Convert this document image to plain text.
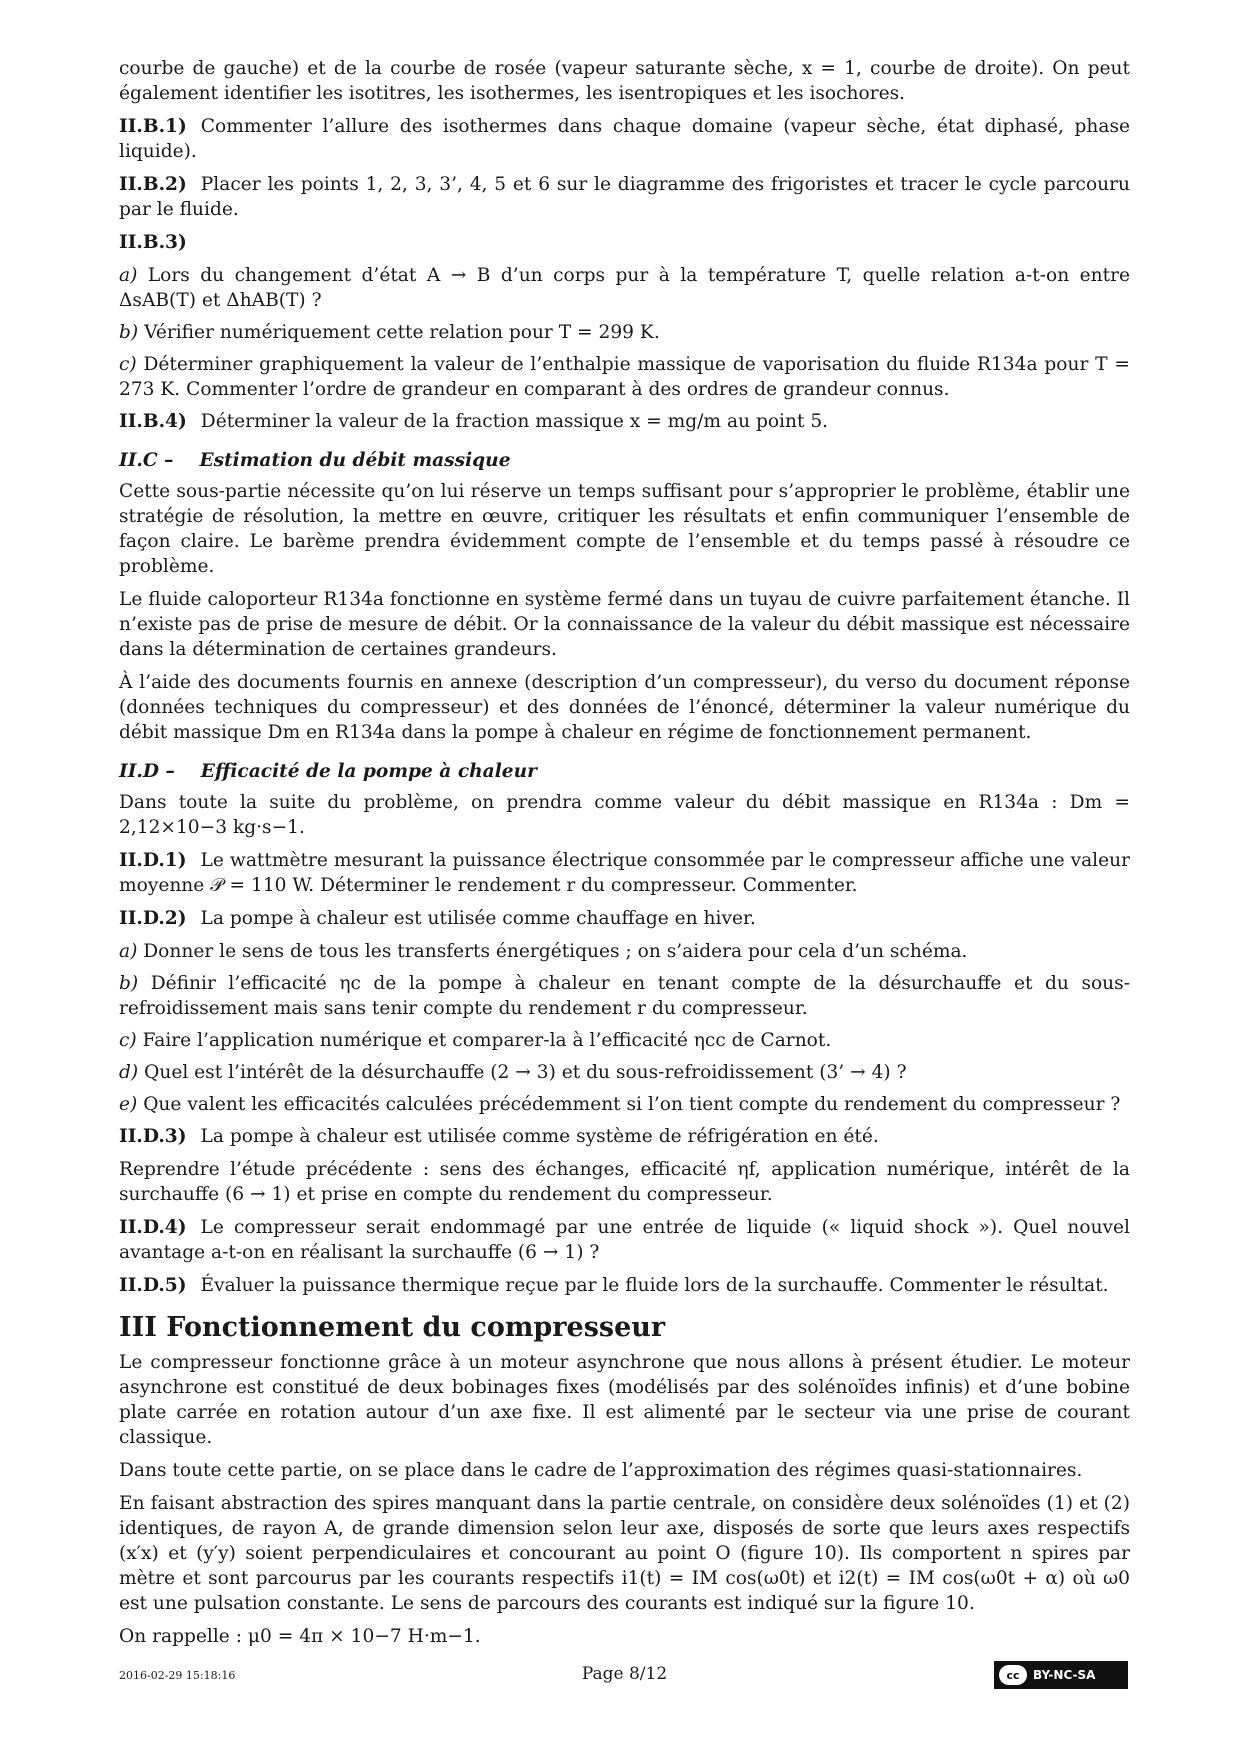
courbe de gauche) et de la courbe de rosée (vapeur saturante sèche, x = 1, courbe de droite). On peut également identifier les isotitres, les isothermes, les isentropiques et les isochores.

II.B.1) Commenter l’allure des isothermes dans chaque domaine (vapeur sèche, état diphasé, phase liquide).
II.B.2) Placer les points 1, 2, 3, 3’, 4, 5 et 6 sur le diagramme des frigoristes et tracer le cycle parcouru par le fluide.
II.B.3)
a) Lors du changement d’état A → B d’un corps pur à la température T, quelle relation a-t-on entre ΔsAB(T) et ΔhAB(T) ?
b) Vérifier numériquement cette relation pour T = 299 K.
c) Déterminer graphiquement la valeur de l’enthalpie massique de vaporisation du fluide R134a pour T = 273 K. Commenter l’ordre de grandeur en comparant à des ordres de grandeur connus.
II.B.4) Déterminer la valeur de la fraction massique x = mg/m au point 5.
II.C – Estimation du débit massique

Cette sous-partie nécessite qu’on lui réserve un temps suffisant pour s’approprier le problème, établir une stratégie de résolution, la mettre en œuvre, critiquer les résultats et enfin communiquer l’ensemble de façon claire. Le barème prendra évidemment compte de l’ensemble et du temps passé à résoudre ce problème.

Le fluide caloporteur R134a fonctionne en système fermé dans un tuyau de cuivre parfaitement étanche. Il n’existe pas de prise de mesure de débit. Or la connaissance de la valeur du débit massique est nécessaire dans la détermination de certaines grandeurs.

À l’aide des documents fournis en annexe (description d’un compresseur), du verso du document réponse (données techniques du compresseur) et des données de l’énoncé, déterminer la valeur numérique du débit massique Dm en R134a dans la pompe à chaleur en régime de fonctionnement permanent.

II.D – Efficacité de la pompe à chaleur

Dans toute la suite du problème, on prendra comme valeur du débit massique en R134a : Dm = 2,12×10−3 kg·s−1.

II.D.1) Le wattmètre mesurant la puissance électrique consommée par le compresseur affiche une valeur moyenne 𝒫 = 110 W. Déterminer le rendement r du compresseur. Commenter.
II.D.2) La pompe à chaleur est utilisée comme chauffage en hiver.
a) Donner le sens de tous les transferts énergétiques ; on s’aidera pour cela d’un schéma.
b) Définir l’efficacité ηc de la pompe à chaleur en tenant compte de la désurchauffe et du sous-refroidissement mais sans tenir compte du rendement r du compresseur.
c) Faire l’application numérique et comparer-la à l’efficacité ηcc de Carnot.
d) Quel est l’intérêt de la désurchauffe (2 → 3) et du sous-refroidissement (3’ → 4) ?
e) Que valent les efficacités calculées précédemment si l’on tient compte du rendement du compresseur ?
II.D.3) La pompe à chaleur est utilisée comme système de réfrigération en été.

Reprendre l’étude précédente : sens des échanges, efficacité ηf, application numérique, intérêt de la surchauffe (6 → 1) et prise en compte du rendement du compresseur.

II.D.4) Le compresseur serait endommagé par une entrée de liquide (« liquid shock »). Quel nouvel avantage a-t-on en réalisant la surchauffe (6 → 1) ?
II.D.5) Évaluer la puissance thermique reçue par le fluide lors de la surchauffe. Commenter le résultat.
III Fonctionnement du compresseur

Le compresseur fonctionne grâce à un moteur asynchrone que nous allons à présent étudier. Le moteur asynchrone est constitué de deux bobinages fixes (modélisés par des solénoïdes infinis) et d’une bobine plate carrée en rotation autour d’un axe fixe. Il est alimenté par le secteur via une prise de courant classique.

Dans toute cette partie, on se place dans le cadre de l’approximation des régimes quasi-stationnaires.

En faisant abstraction des spires manquant dans la partie centrale, on considère deux solénoïdes (1) et (2) identiques, de rayon A, de grande dimension selon leur axe, disposés de sorte que leurs axes respectifs (x′x) et (y′y) soient perpendiculaires et concourant au point O (figure 10). Ils comportent n spires par mètre et sont parcourus par les courants respectifs i1(t) = IM cos(ω0t) et i2(t) = IM cos(ω0t + α) où ω0 est une pulsation constante. Le sens de parcours des courants est indiqué sur la figure 10.

On rappelle : μ0 = 4π × 10−7 H·m−1.

2016-02-29 15:18:16	Page 8/12	cc	BY-NC-SA
